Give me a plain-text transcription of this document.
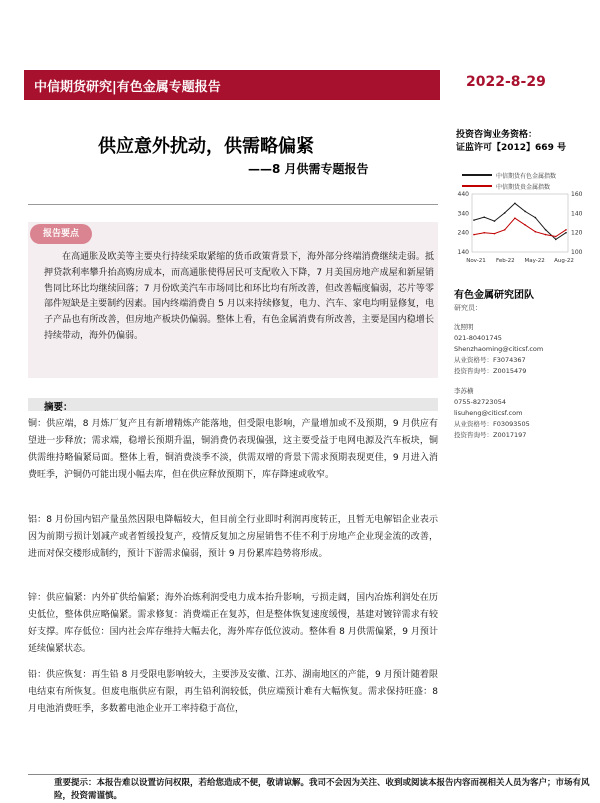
中信期货研究|有色金属专题报告	2022-8-29
供应意外扰动，供需略偏紧
——8 月供需专题报告
投资咨询业务资格：
证监许可【2012】669 号
中信期货有色金属指数
中信期货贵金属指数
440
340
240
140
160
140
120
100
Nov-21 Feb-22 May-22 Aug-22
报告要点
在高通胀及欧美等主要央行持续采取紧缩的货币政策背景下，海外部分终端消费继续走弱。抵押贷款利率攀升抬高购房成本，而高通胀使得居民可支配收入下降，7 月美国房地产成屋和新屋销售同比环比均继续回落；7 月份欧美汽车市场同比和环比均有所改善，但改善幅度偏弱，芯片等零部件短缺是主要制约因素。国内终端消费自 5 月以来持续修复，电力、汽车、家电均明显修复，电子产品也有所改善，但房地产板块仍偏弱。整体上看，有色金属消费有所改善，主要是国内稳增长持续带动，海外仍偏弱。
有色金属研究团队
研究员：
沈照明
021-80401745
Shenzhaoming@citicsf.com
从业资格号：F3074367
投资咨询号：Z0015479
李苏横
0755-82723054
lisuheng@citicsf.com
从业资格号：F03093505
投资咨询号：Z0017197
摘要：
铜：供应端，8 月炼厂复产且有新增精炼产能落地，但受限电影响，产量增加或不及预期，9 月供应有望进一步释放；需求端，稳增长预期升温，铜消费仍表现偏强，这主要受益于电网电源及汽车板块，铜供需维持略偏紧局面。整体上看，铜消费淡季不淡，供需双增的背景下需求预期表现更佳，9 月进入消费旺季，沪铜仍可能出现小幅去库，但在供应释放预期下，库存降速或收窄。
铝：8 月份国内铝产量虽然因限电降幅较大，但目前全行业即时利润再度转正，且暂无电解铝企业表示因为前期亏损计划减产或者暂缓投复产，疫情反复加之房屋销售不佳不利于房地产企业现金流的改善，进而对保交楼形成制约，预计下游需求偏弱，预计 9 月份累库趋势将形成。
锌：供应偏紧：内外矿供给偏紧；海外冶炼利润受电力成本抬升影响，亏损走阔，国内冶炼利润处在历史低位，整体供应略偏紧。需求修复：消费端正在复苏，但是整体恢复速度缓慢，基建对镀锌需求有较好支撑。库存低位：国内社会库存维持大幅去化，海外库存低位波动。整体看 8 月供需偏紧，9 月预计延续偏紧状态。
铅：供应恢复：再生铅 8 月受限电影响较大，主要涉及安徽、江苏、湖南地区的产能，9 月预计随着限电结束有所恢复。但废电瓶供应有限，再生铅利润较低，供应端预计难有大幅恢复。需求保持旺盛：8 月电池消费旺季，多数蓄电池企业开工率持稳于高位，
重要提示：本报告难以设置访问权限，若给您造成不便，敬请谅解。我司不会因为关注、收到或阅读本报告内容而视相关人员为客户；市场有风险，投资需谨慎。
